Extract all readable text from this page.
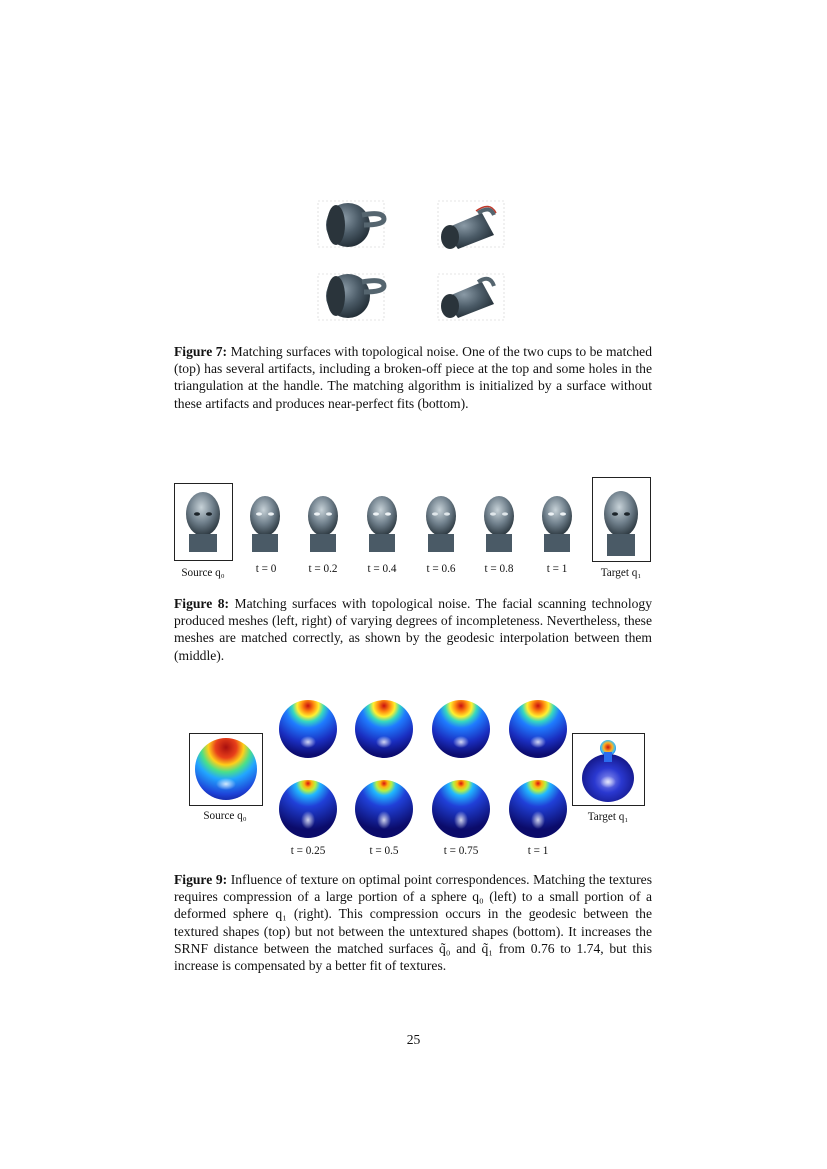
Figure 7: Matching surfaces with topological noise. One of the two cups to be matched (top) has several artifacts, including a broken-off piece at the top and some holes in the triangulation at the handle. The matching algorithm is initialized by a surface without these artifacts and produces near-perfect fits (bottom).
Source q₀	t = 0	t = 0.2	t = 0.4	t = 0.6	t = 0.8	t = 1	Target q₁
Figure 8: Matching surfaces with topological noise. The facial scanning technology produced meshes (left, right) of varying degrees of incompleteness. Nevertheless, these meshes are matched correctly, as shown by the geodesic interpolation between them (middle).
Source q₀	Target q₁
t = 0.25	t = 0.5	t = 0.75	t = 1
Figure 9: Influence of texture on optimal point correspondences. Matching the textures requires compression of a large portion of a sphere q₀ (left) to a small portion of a deformed sphere q₁ (right). This compression occurs in the geodesic between the textured shapes (top) but not between the untextured shapes (bottom). It increases the SRNF distance between the matched surfaces q̃₀ and q̃₁ from 0.76 to 1.74, but this increase is compensated by a better fit of textures.
25
